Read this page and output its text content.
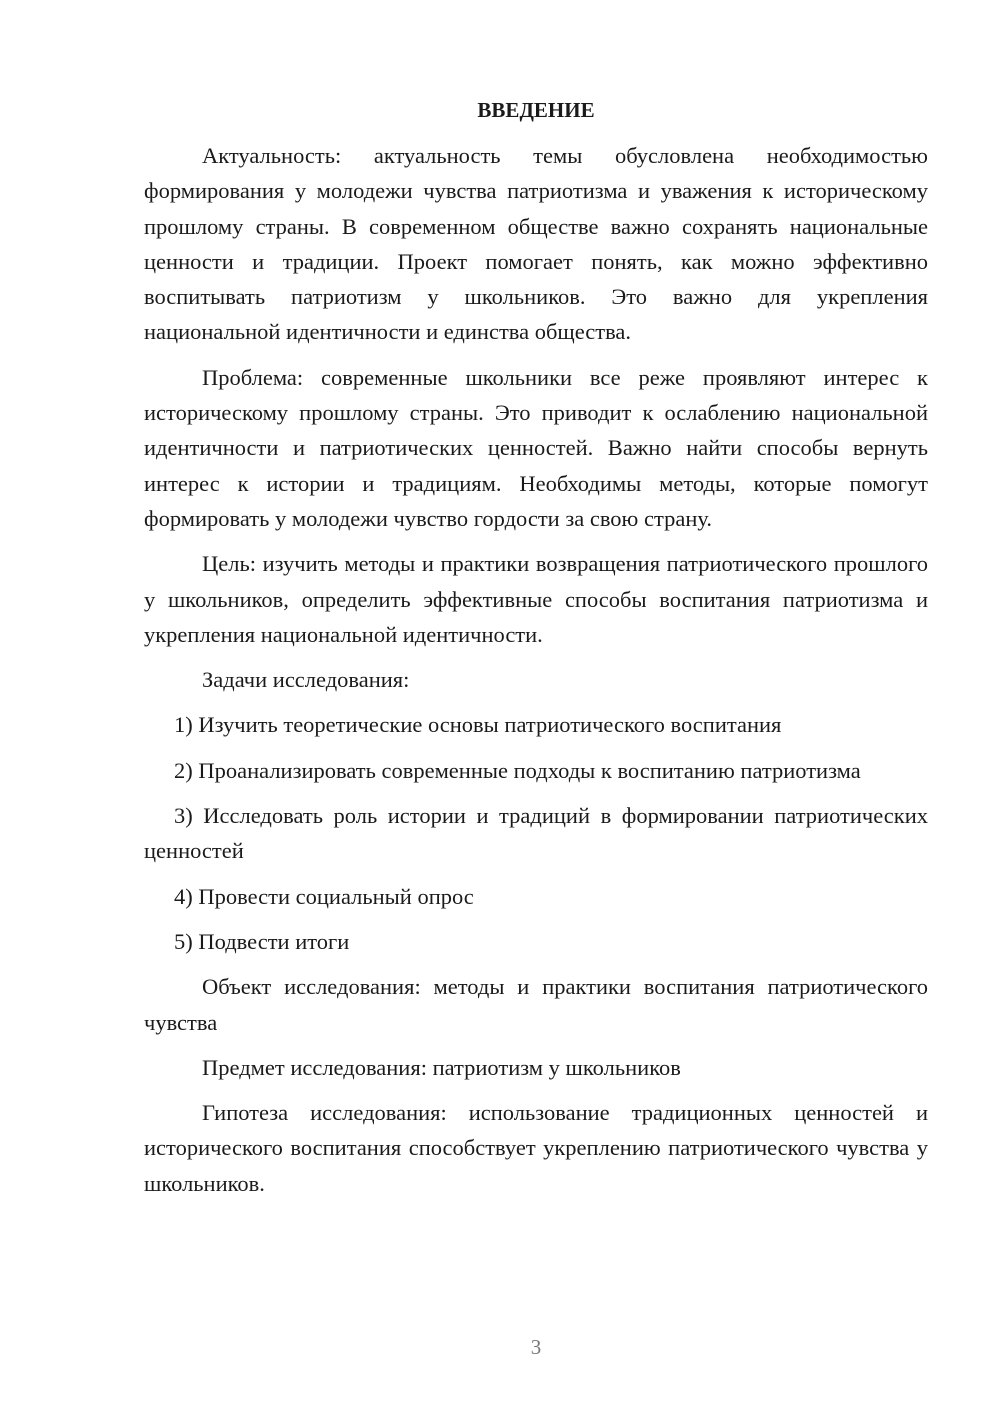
ВВЕДЕНИЕ

Актуальность: актуальность темы обусловлена необходимостью формирования у молодежи чувства патриотизма и уважения к историческому прошлому страны. В современном обществе важно сохранять национальные ценности и традиции. Проект помогает понять, как можно эффективно воспитывать патриотизм у школьников. Это важно для укрепления национальной идентичности и единства общества.

Проблема: современные школьники все реже проявляют интерес к историческому прошлому страны. Это приводит к ослаблению национальной идентичности и патриотических ценностей. Важно найти способы вернуть интерес к истории и традициям. Необходимы методы, которые помогут формировать у молодежи чувство гордости за свою страну.

Цель: изучить методы и практики возвращения патриотического прошлого у школьников, определить эффективные способы воспитания патриотизма и укрепления национальной идентичности.

Задачи исследования:

1) Изучить теоретические основы патриотического воспитания

2) Проанализировать современные подходы к воспитанию патриотизма

3) Исследовать роль истории и традиций в формировании патриотических ценностей

4) Провести социальный опрос

5) Подвести итоги

Объект исследования: методы и практики воспитания патриотического чувства

Предмет исследования: патриотизм у школьников

Гипотеза исследования: использование традиционных ценностей и исторического воспитания способствует укреплению патриотического чувства у школьников.

3
